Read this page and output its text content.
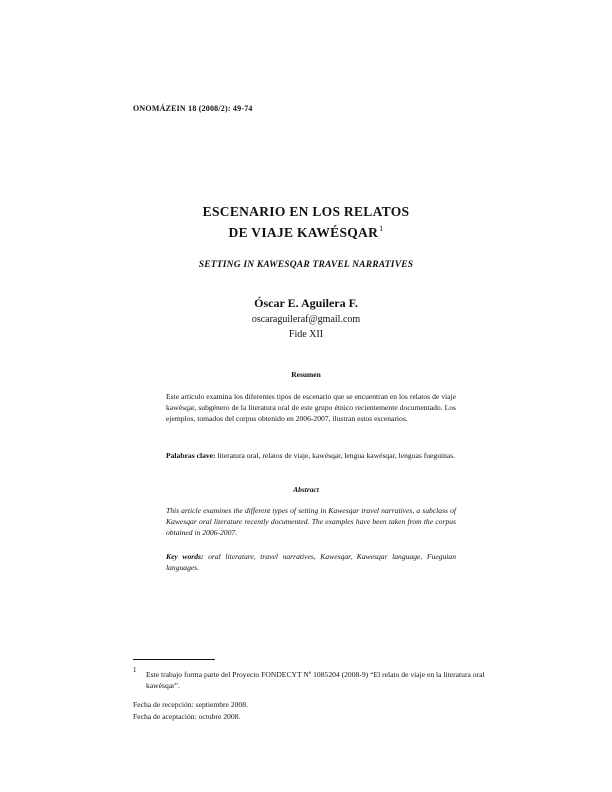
ONOMÁZEIN 18 (2008/2): 49-74
ESCENARIO EN LOS RELATOS
DE VIAJE KAWÉSQAR$^1$
SETTING IN KAWESQAR TRAVEL NARRATIVES
Óscar E. Aguilera F.
oscaraguileraf@gmail.com
Fide XII
Resumen
Este artículo examina los diferentes tipos de escenario que se encuentran en los relatos de viaje kawésqar, subgénero de la literatura oral de este grupo étnico recientemente documentado. Los ejemplos, tomados del corpus obtenido en 2006-2007, ilustran estos escenarios.
Palabras clave: literatura oral, relatos de viaje, kawésqar, lengua kawésqar, lenguas fueguinas.
Abstract
This article examines the different types of setting in Kawesqar travel narratives, a subclass of Kawesqar oral literature recently documented. The examples have been taken from the corpus obtained in 2006-2007.
Key words: oral literature, travel narratives, Kawesqar, Kawesqar language, Fueguian languages.
1 Este trabajo forma parte del Proyecto FONDECYT Nº 1085204 (2008-9) “El relato de viaje en la literatura oral kawésqar”.
Fecha de recepción: septiembre 2008.
Fecha de aceptación: octubre 2008.
